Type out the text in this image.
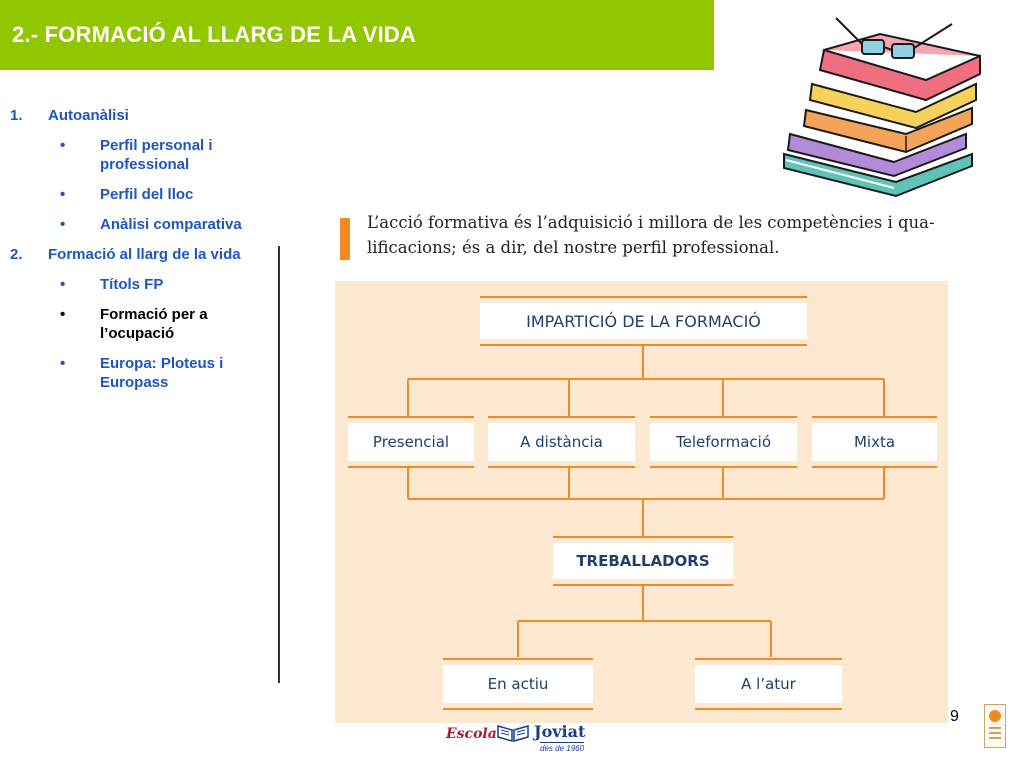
2.- FORMACIÓ AL LLARG DE LA VIDA
1. Autoanàlisi
• Perfil personal i professional
• Perfil del lloc
• Anàlisi comparativa
2. Formació al llarg de la vida
• Títols FP
• Formació per a l’ocupació
• Europa: Ploteus i Europass
L’acció formativa és l’adquisició i millora de les competències i qua-lificacions; és a dir, del nostre perfil professional.
IMPARTICIÓ DE LA FORMACIÓ
Presencial	A distància	Teleformació	Mixta
TREBALLADORS
En actiu	A l’atur
9
Escola Joviat
des de 1960
